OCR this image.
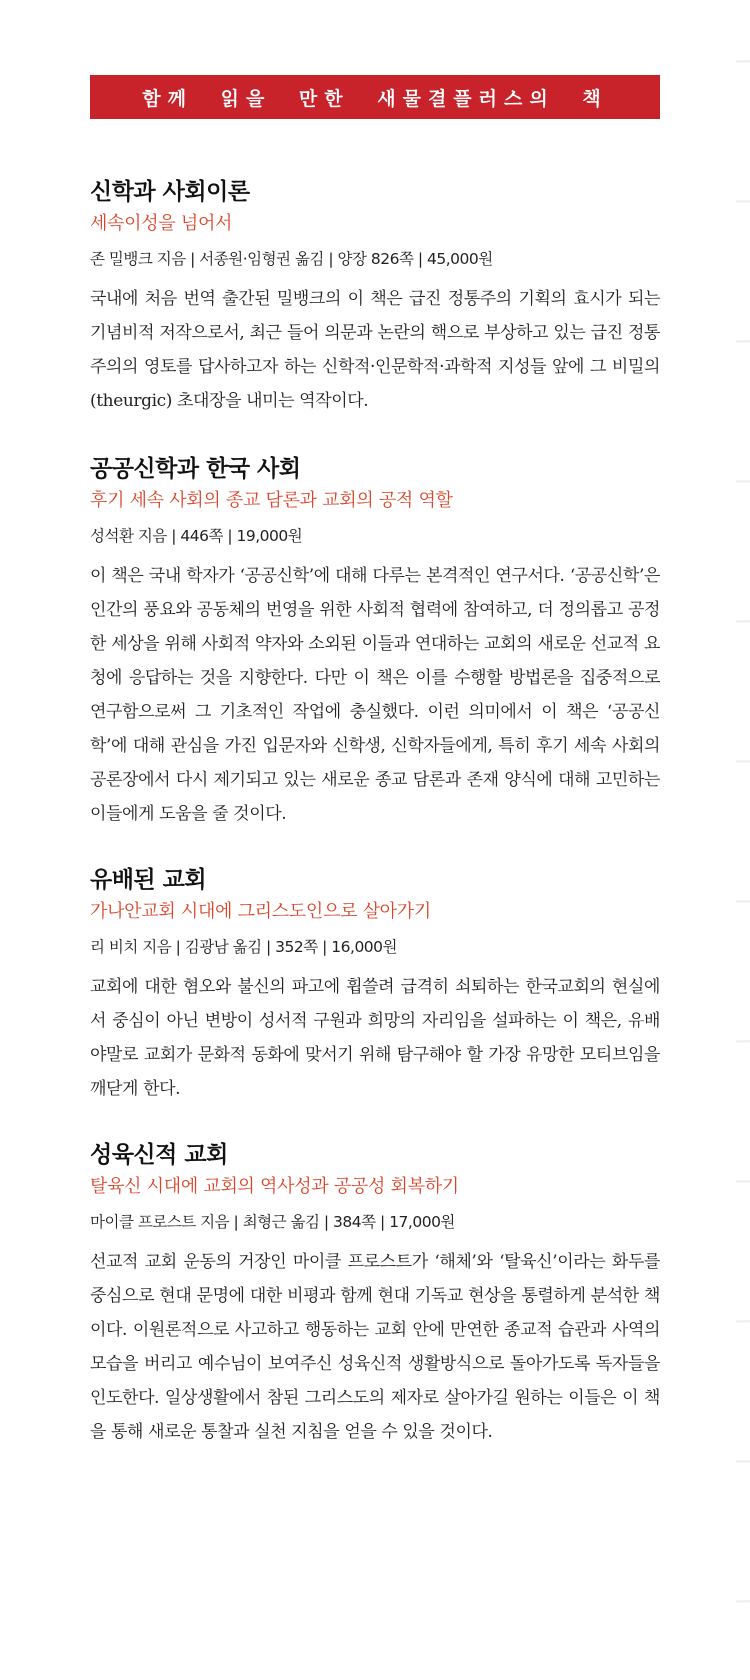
함께 읽을 만한 새물결플러스의 책
신학과 사회이론
세속이성을 넘어서
존 밀뱅크 지음 | 서종원·임형권 옮김 | 양장 826쪽 | 45,000원
국내에 처음 번역 출간된 밀뱅크의 이 책은 급진 정통주의 기획의 효시가 되는 기념비적 저작으로서, 최근 들어 의문과 논란의 핵으로 부상하고 있는 급진 정통주의의 영토를 답사하고자 하는 신학적·인문학적·과학적 지성들 앞에 그 비밀의(theurgic) 초대장을 내미는 역작이다.
공공신학과 한국 사회
후기 세속 사회의 종교 담론과 교회의 공적 역할
성석환 지음 | 446쪽 | 19,000원
이 책은 국내 학자가 ‘공공신학’에 대해 다루는 본격적인 연구서다. ‘공공신학’은 인간의 풍요와 공동체의 번영을 위한 사회적 협력에 참여하고, 더 정의롭고 공정한 세상을 위해 사회적 약자와 소외된 이들과 연대하는 교회의 새로운 선교적 요청에 응답하는 것을 지향한다. 다만 이 책은 이를 수행할 방법론을 집중적으로 연구함으로써 그 기초적인 작업에 충실했다. 이런 의미에서 이 책은 ‘공공신학’에 대해 관심을 가진 입문자와 신학생, 신학자들에게, 특히 후기 세속 사회의 공론장에서 다시 제기되고 있는 새로운 종교 담론과 존재 양식에 대해 고민하는 이들에게 도움을 줄 것이다.
유배된 교회
가나안교회 시대에 그리스도인으로 살아가기
리 비치 지음 | 김광남 옮김 | 352쪽 | 16,000원
교회에 대한 혐오와 불신의 파고에 휩쓸려 급격히 쇠퇴하는 한국교회의 현실에서 중심이 아닌 변방이 성서적 구원과 희망의 자리임을 설파하는 이 책은, 유배야말로 교회가 문화적 동화에 맞서기 위해 탐구해야 할 가장 유망한 모티브임을 깨닫게 한다.
성육신적 교회
탈육신 시대에 교회의 역사성과 공공성 회복하기
마이클 프로스트 지음 | 최형근 옮김 | 384쪽 | 17,000원
선교적 교회 운동의 거장인 마이클 프로스트가 ‘해체’와 ‘탈육신’이라는 화두를 중심으로 현대 문명에 대한 비평과 함께 현대 기독교 현상을 통렬하게 분석한 책이다. 이원론적으로 사고하고 행동하는 교회 안에 만연한 종교적 습관과 사역의 모습을 버리고 예수님이 보여주신 성육신적 생활방식으로 돌아가도록 독자들을 인도한다. 일상생활에서 참된 그리스도의 제자로 살아가길 원하는 이들은 이 책을 통해 새로운 통찰과 실천 지침을 얻을 수 있을 것이다.
